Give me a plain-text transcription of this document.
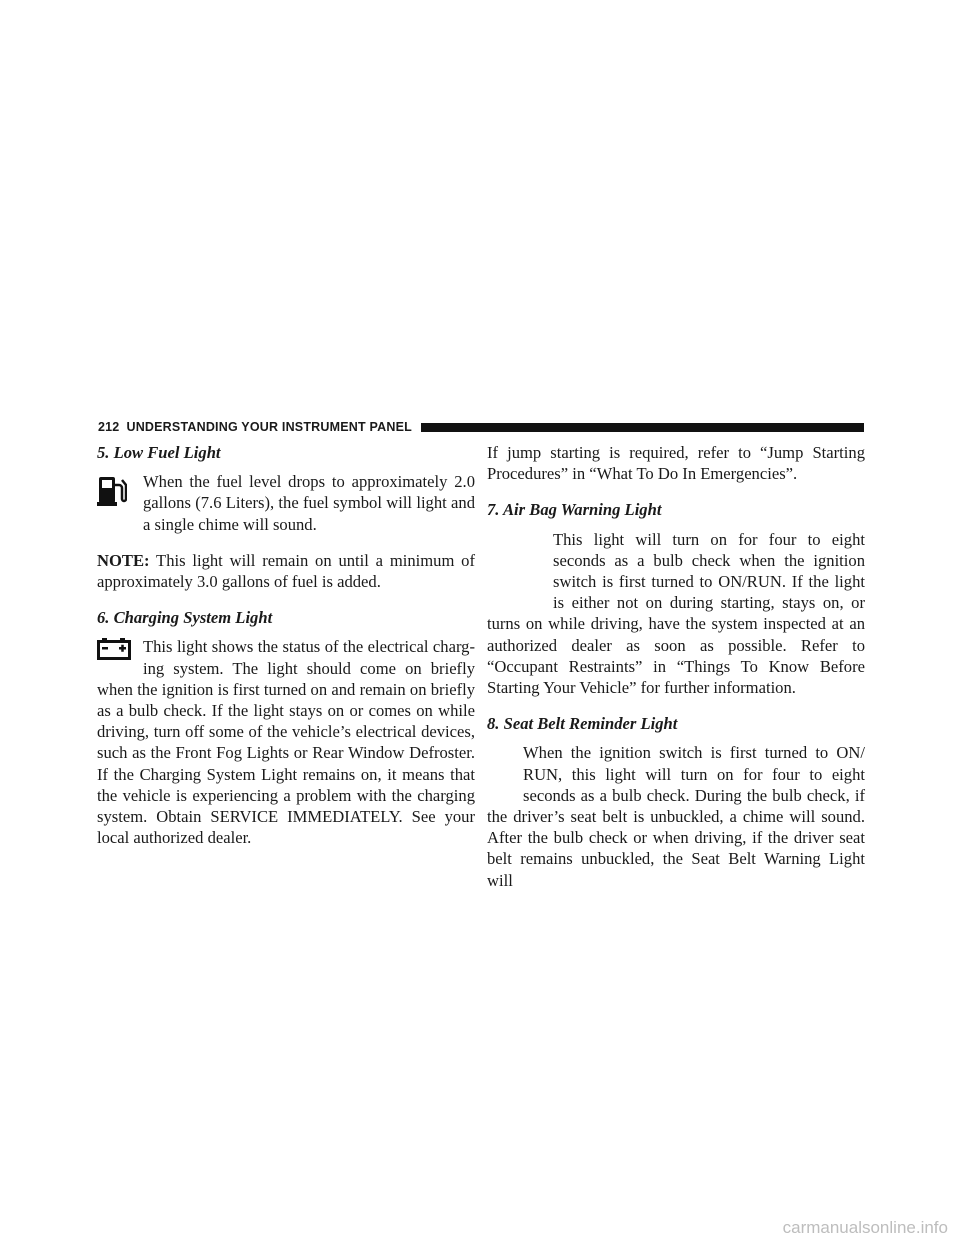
212 UNDERSTANDING YOUR INSTRUMENT PANEL
5. Low Fuel Light

When the fuel level drops to approximately 2.0 gallons (7.6 Liters), the fuel symbol will light and a single chime will sound.

NOTE: This light will remain on until a minimum of approximately 3.0 gallons of fuel is added.

6. Charging System Light

This light shows the status of the electrical charg-ing system. The light should come on briefly when the ignition is first turned on and remain on briefly as a bulb check. If the light stays on or comes on while driving, turn off some of the vehicle’s electrical devices, such as the Front Fog Lights or Rear Window Defroster. If the Charging System Light remains on, it means that the vehicle is experiencing a problem with the charging system. Obtain SERVICE IMMEDIATELY. See your local authorized dealer.

If jump starting is required, refer to “Jump Starting Procedures” in “What To Do In Emergencies”.

7. Air Bag Warning Light

This light will turn on for four to eight seconds as a bulb check when the ignition switch is first turned to ON/RUN. If the light is either not on during starting, stays on, or turns on while driving, have the system inspected at an authorized dealer as soon as possible. Refer to “Occupant Restraints” in “Things To Know Before Starting Your Vehicle” for further information.

8. Seat Belt Reminder Light

When the ignition switch is first turned to ON/ RUN, this light will turn on for four to eight seconds as a bulb check. During the bulb check, if the driver’s seat belt is unbuckled, a chime will sound. After the bulb check or when driving, if the driver seat belt remains unbuckled, the Seat Belt Warning Light will

carmanualsonline.info
